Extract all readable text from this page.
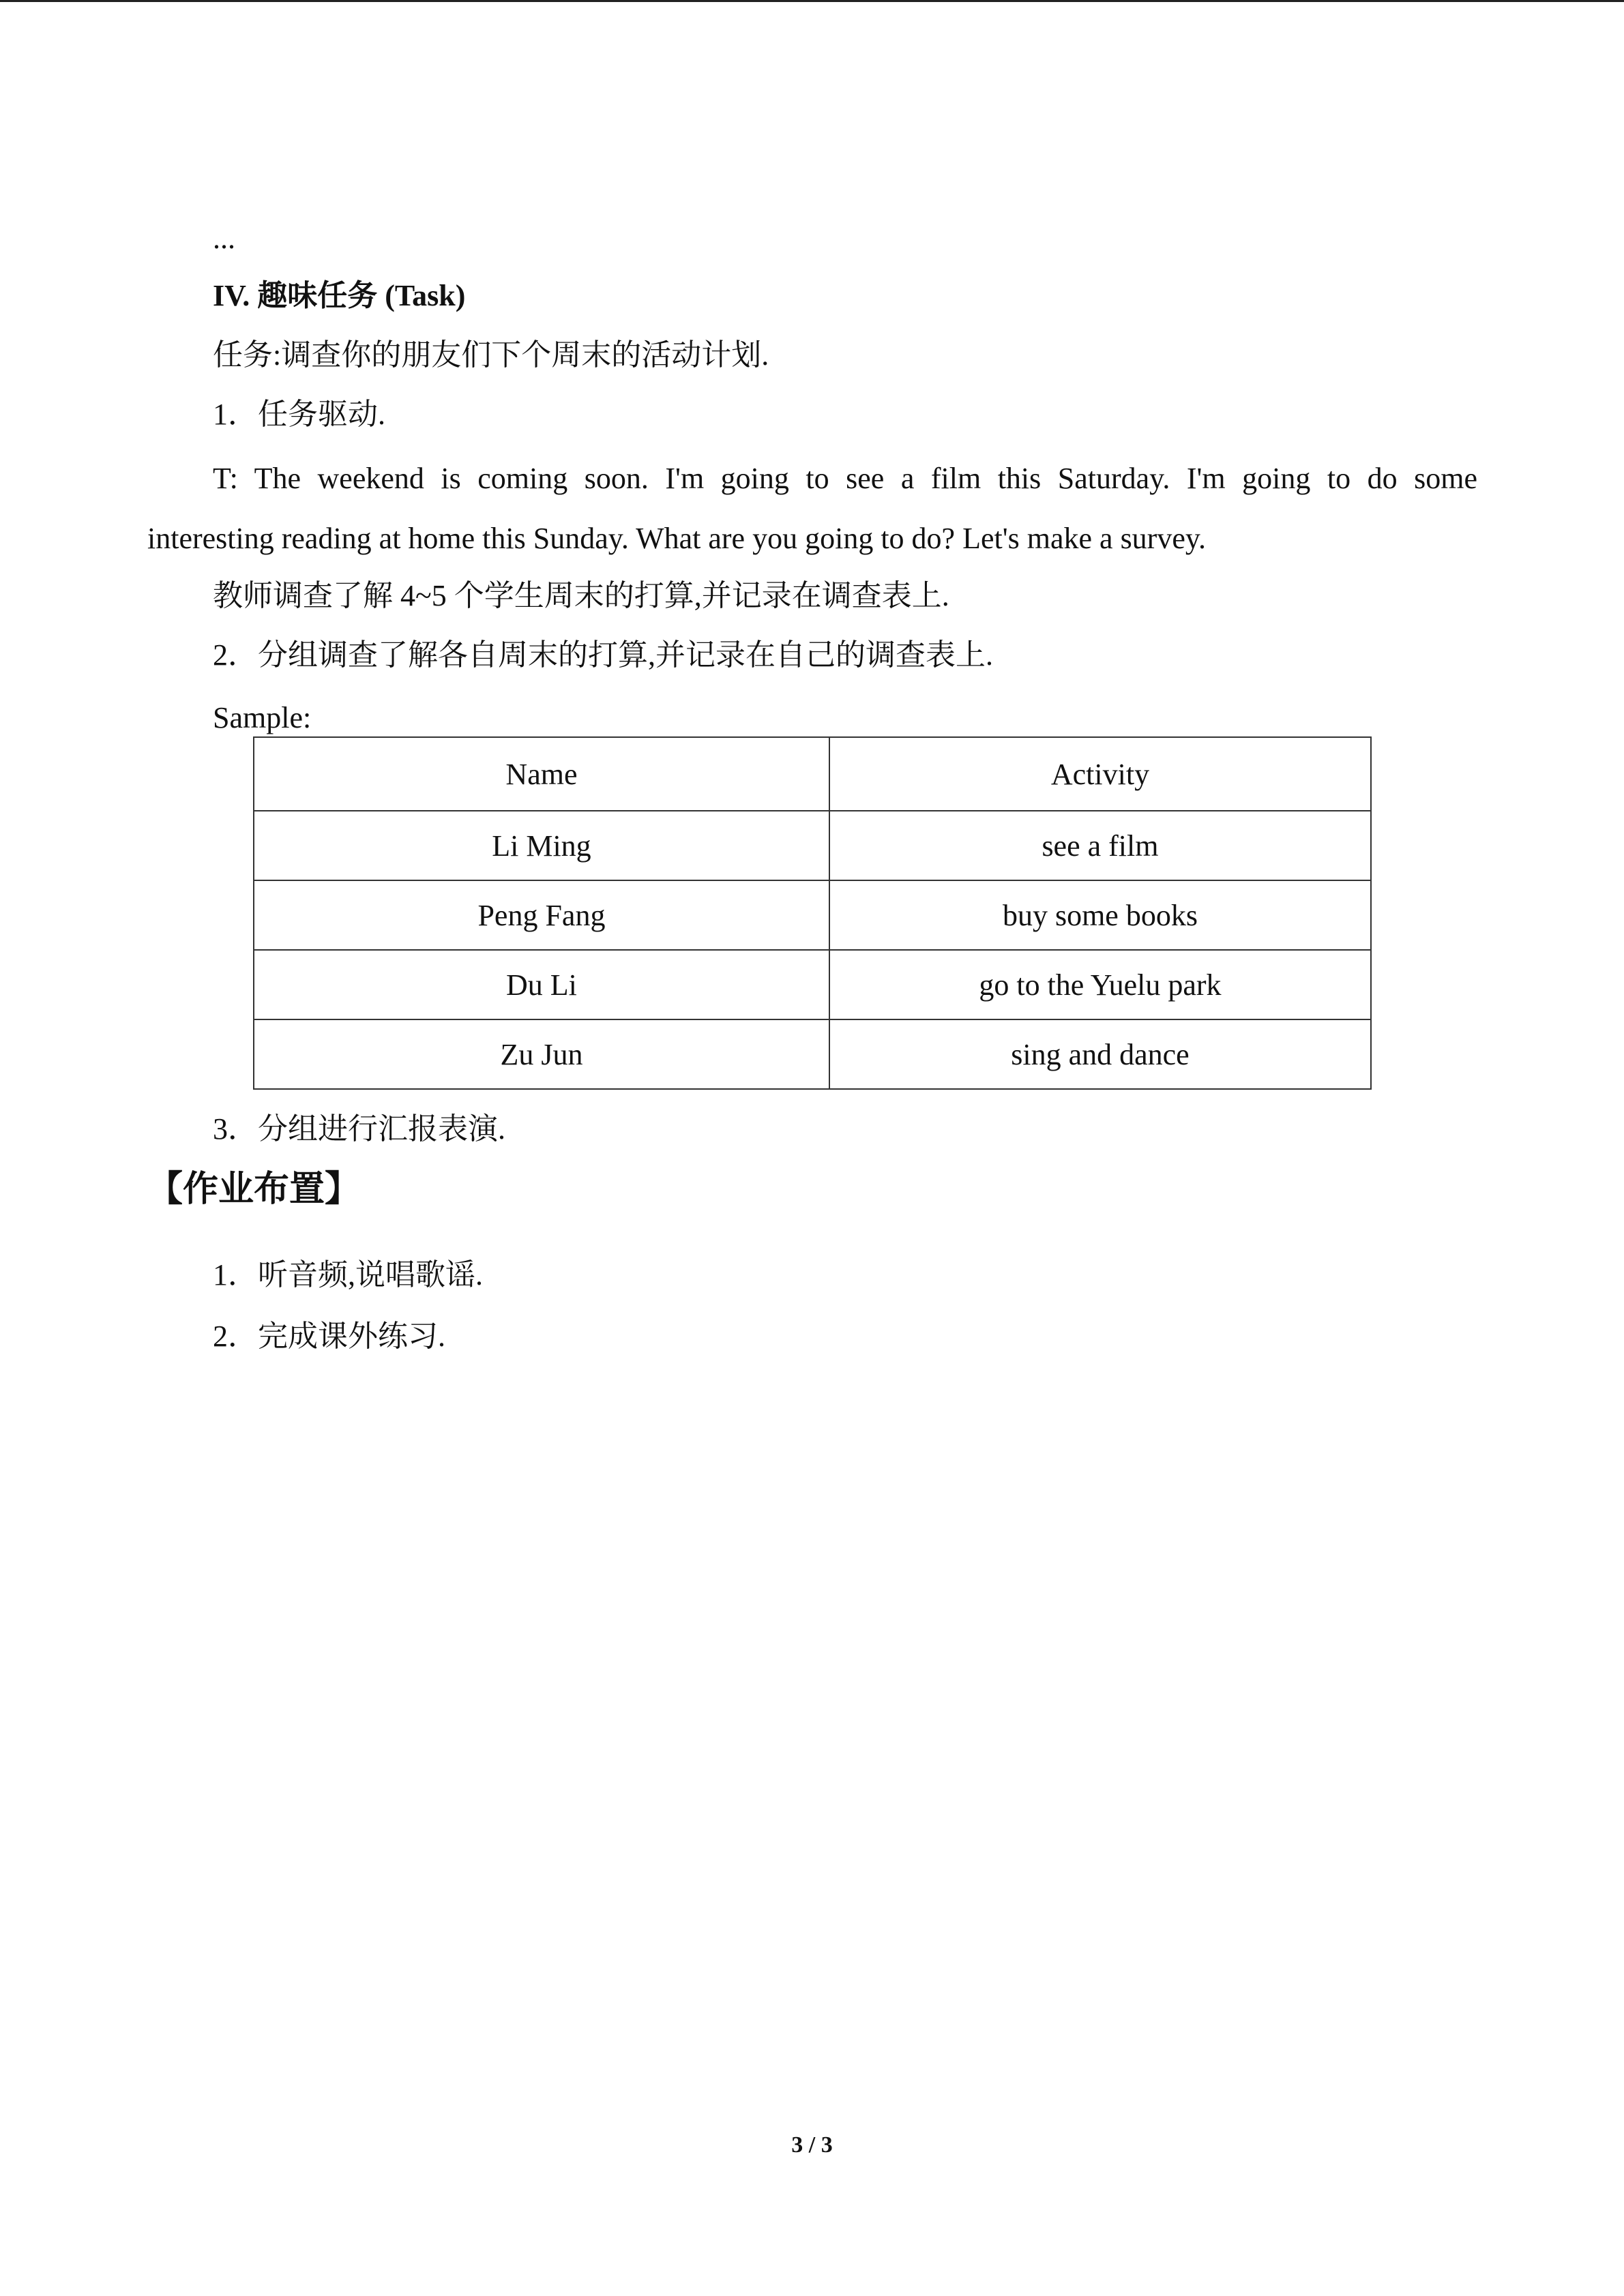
...
IV. 趣味任务 (Task)
任务:调查你的朋友们下个周末的活动计划.
1．任务驱动.
T: The weekend is coming soon. I'm going to see a film this Saturday. I'm going to do some
interesting reading at home this Sunday. What are you going to do? Let's make a survey.
教师调查了解 4~5 个学生周末的打算,并记录在调查表上.
2．分组调查了解各自周末的打算,并记录在自己的调查表上.
Sample:
Name	Activity
Li Ming	see a film
Peng Fang	buy some books
Du Li	go to the Yuelu park
Zu Jun	sing and dance
3．分组进行汇报表演.
【作业布置】
1．听音频,说唱歌谣.
2．完成课外练习.
3 / 3
